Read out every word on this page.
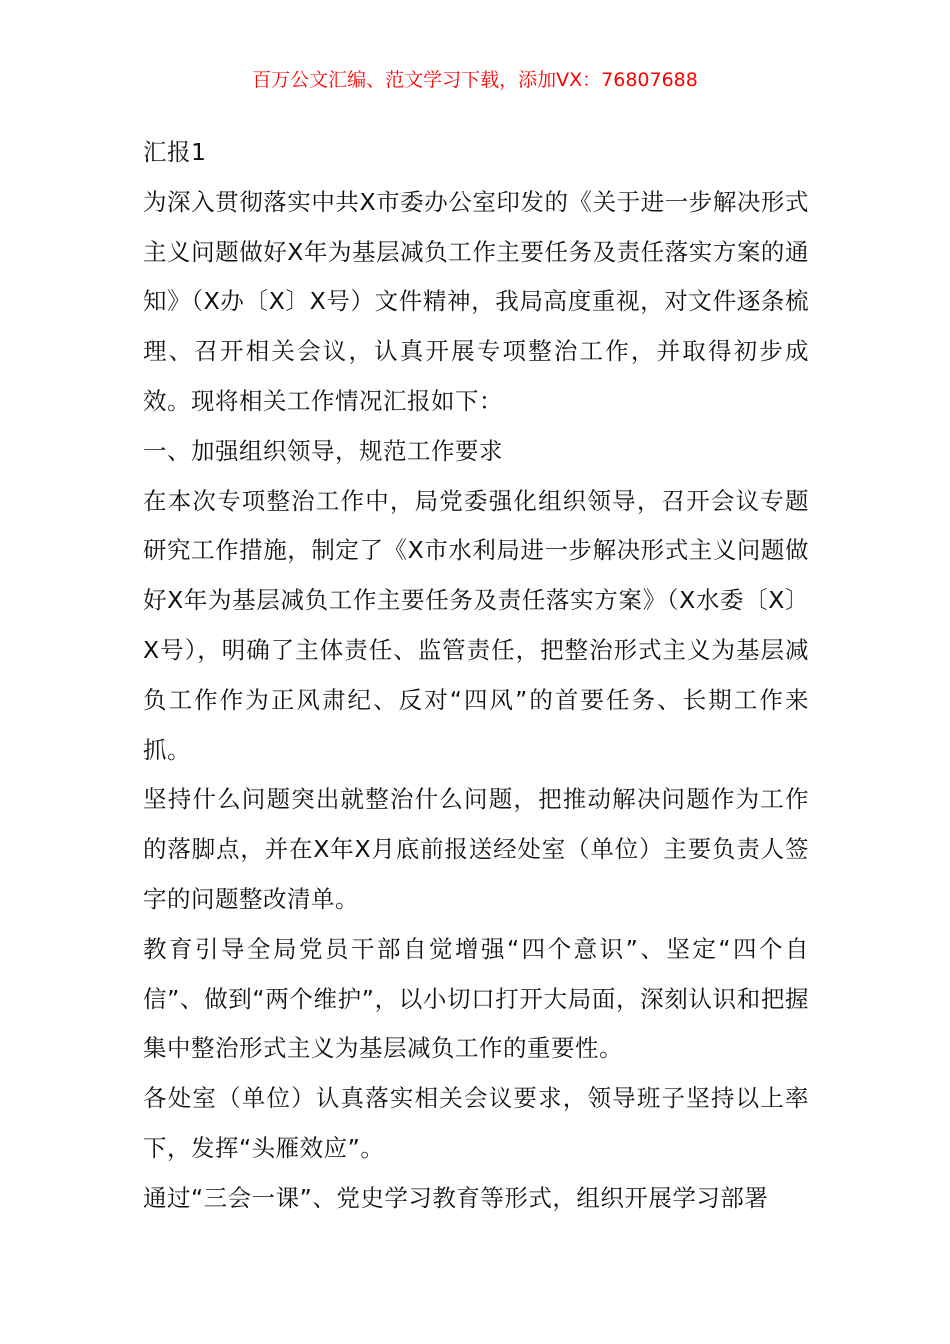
百万公文汇编、范文学习下载，添加VX：76807688

汇报1

为深入贯彻落实中共X市委办公室印发的《关于进一步解决形式主义问题做好X年为基层减负工作主要任务及责任落实方案的通知》（X办〔X〕X号）文件精神，我局高度重视，对文件逐条梳理、召开相关会议，认真开展专项整治工作，并取得初步成效。现将相关工作情况汇报如下：

一、加强组织领导，规范工作要求

在本次专项整治工作中，局党委强化组织领导，召开会议专题研究工作措施，制定了《X市水利局进一步解决形式主义问题做好X年为基层减负工作主要任务及责任落实方案》（X水委〔X〕X号），明确了主体责任、监管责任，把整治形式主义为基层减负工作作为正风肃纪、反对“四风”的首要任务、长期工作来抓。

坚持什么问题突出就整治什么问题，把推动解决问题作为工作的落脚点，并在X年X月底前报送经处室（单位）主要负责人签字的问题整改清单。

教育引导全局党员干部自觉增强“四个意识”、坚定“四个自信”、做到“两个维护”，以小切口打开大局面，深刻认识和把握集中整治形式主义为基层减负工作的重要性。

各处室（单位）认真落实相关会议要求，领导班子坚持以上率下，发挥“头雁效应”。

通过“三会一课”、党史学习教育等形式，组织开展学习部署
